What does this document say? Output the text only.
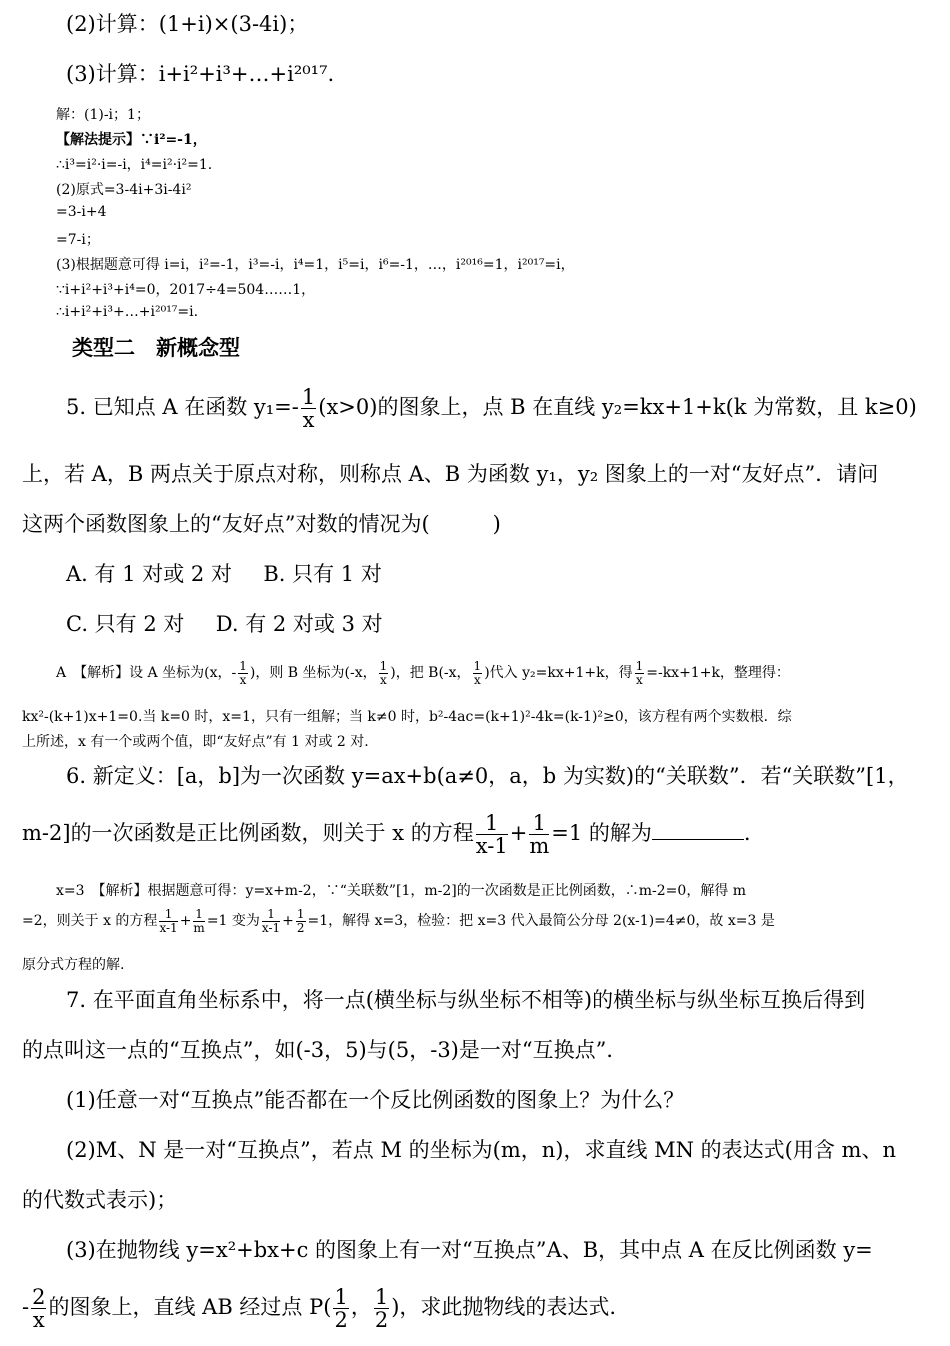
(2)计算：(1+i)×(3-4i)；
(3)计算：i+i²+i³+…+i²⁰¹⁷.
解：(1)-i；1；
【解法提示】∵i²=-1，
∴i³=i²·i=-i，i⁴=i²·i²=1.
(2)原式=3-4i+3i-4i²
=3-i+4
=7-i；
(3)根据题意可得 i=i，i²=-1，i³=-i，i⁴=1，i⁵=i，i⁶=-1，…，i²⁰¹⁶=1，i²⁰¹⁷=i，
∵i+i²+i³+i⁴=0，2017÷4=504……1，
∴i+i²+i³+…+i²⁰¹⁷=i.
类型二　新概念型
5. 已知点 A 在函数 $y_1=- \frac{1}{x} (x>0)$的图象上，点 B 在直线 y₂=kx+1+k(k 为常数，且 k≥0)
上，若 A，B 两点关于原点对称，则称点 A、B 为函数 y₁，y₂ 图象上的一对“友好点”．请问
这两个函数图象上的“友好点”对数的情况为(　　　)
A. 有 1 对或 2 对 B. 只有 1 对
C. 只有 2 对 D. 有 2 对或 3 对
A　【解析】设 A 坐标为(x，- $\frac{1}{x}$ )，则 B 坐标为(-x， $\frac{1}{x}$ )，把 B(-x， $\frac{1}{x}$ )代入 y₂=kx+1+k，得 $\frac{1}{x} =-kx+1+k$，整理得：
kx²-(k+1)x+1=0.当 k=0 时，x=1，只有一组解；当 k≠0 时，b²-4ac=(k+1)²-4k=(k-1)²≥0，该方程有两个实数根．综
上所述，x 有一个或两个值，即“友好点”有 1 对或 2 对.
6. 新定义：[a，b]为一次函数 y=ax+b(a≠0，a，b 为实数)的“关联数”．若“关联数”[1，
m-2]的一次函数是正比例函数，则关于 x 的方程 $\frac{1}{x-1} + \frac{1}{m} =1$ 的解为	.
x=3　【解析】根据题意可得：y=x+m-2，∵“关联数”[1，m-2]的一次函数是正比例函数，∴m-2=0，解得 m
=2，则关于 x 的方程 $\frac{1}{x-1} + \frac{1}{m} =1$ 变为 $\frac{1}{x-1} + \frac{1}{2} =1$，解得 x=3，检验：把 x=3 代入最简公分母 2(x-1)=4≠0，故 x=3 是
原分式方程的解.
7. 在平面直角坐标系中，将一点(横坐标与纵坐标不相等)的横坐标与纵坐标互换后得到
的点叫这一点的“互换点”，如(-3，5)与(5，-3)是一对“互换点”．
(1)任意一对“互换点”能否都在一个反比例函数的图象上？为什么？
(2)M、N 是一对“互换点”，若点 M 的坐标为(m，n)，求直线 MN 的表达式(用含 m、n
的代数式表示)；
(3)在抛物线 y=x²+bx+c 的图象上有一对“互换点”A、B，其中点 A 在反比例函数 y=
- $\frac{2}{x}$ 的图象上，直线 AB 经过点 $P( \frac{1}{2}$ ， $\frac{1}{2}$ )，求此抛物线的表达式.
